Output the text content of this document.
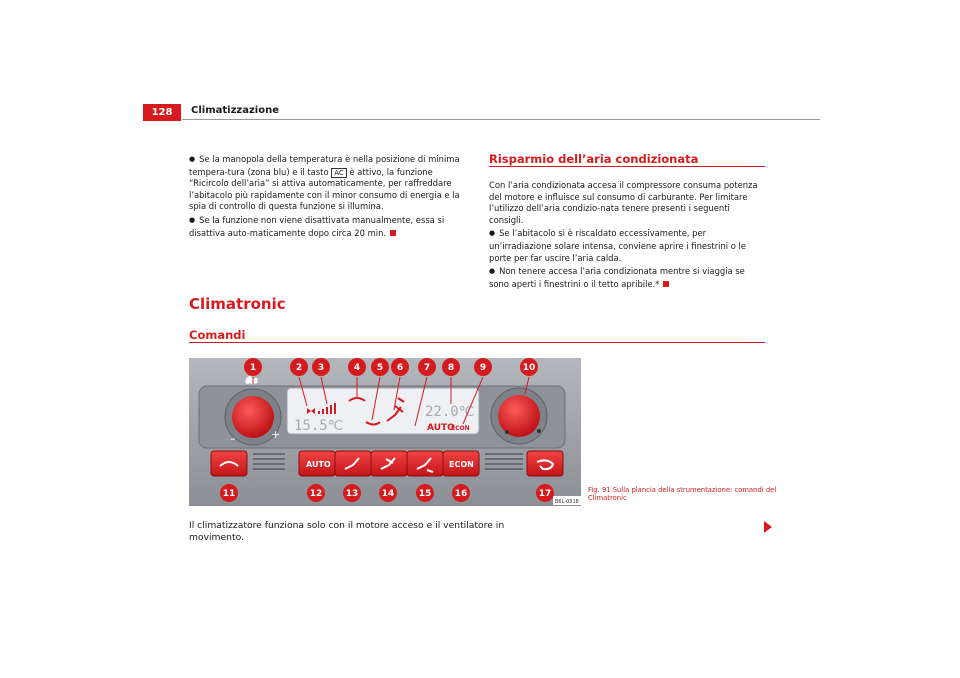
128	Climatizzazione

● Se la manopola della temperatura è nella posizione di minima tempera-tura (zona blu) e il tasto AC è attivo, la funzione “Ricircolo dell’aria” si attiva automaticamente, per raffreddare l’abitacolo più rapidamente con il minor consumo di energia e la spia di controllo di questa funzione si illumina.

● Se la funzione non viene disattivata manualmente, essa si disattiva auto-maticamente dopo circa 20 min.

Risparmio dell’aria condizionata

Con l’aria condizionata accesa il compressore consuma potenza del motore e influisce sul consumo di carburante. Per limitare l’utilizzo dell’aria condizio-nata tenere presenti i seguenti consigli.

● Se l’abitacolo si è riscaldato eccessivamente, per un’irradiazione solare intensa, conviene aprire i finestrini o le porte per far uscire l’aria calda.

● Non tenere accesa l’aria condizionata mentre si viaggia se sono aperti i finestrini o il tetto apribile.*

Climatronic
Comandi
15.5℃
22.0℃
AUTO
ECON
–	+
AUTO	ECON
1	2 3	4 5 6 7 8	9	10
11	12	13	14	15	16	17
B6L-0318
Fig. 91 Sulla plancia della strumentazione: comandi del Climatronic
Il climatizzatore funziona solo con il motore acceso e il ventilatore in movimento.
